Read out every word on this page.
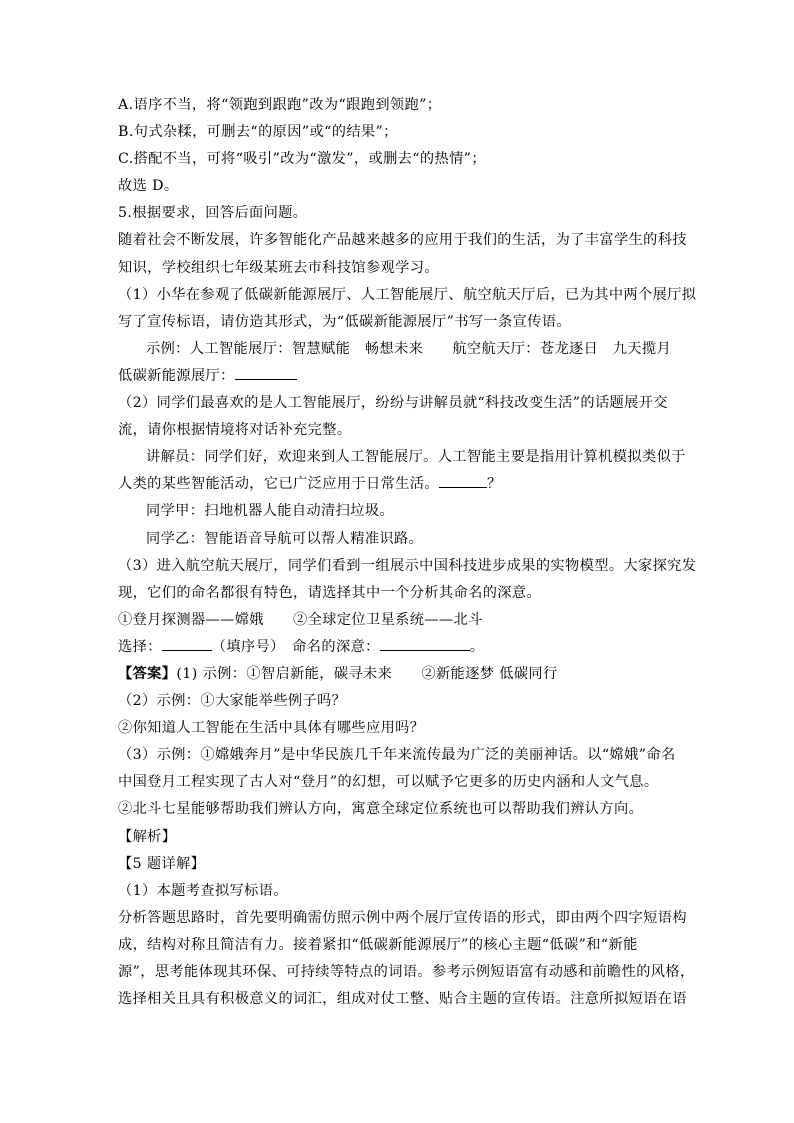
A.语序不当，将“领跑到跟跑”改为“跟跑到领跑”；
B.句式杂糅，可删去“的原因”或“的结果”；
C.搭配不当，可将“吸引”改为“激发”，或删去“的热情”；
故选 D。
5.根据要求，回答后面问题。
随着社会不断发展，许多智能化产品越来越多的应用于我们的生活，为了丰富学生的科技
知识，学校组织七年级某班去市科技馆参观学习。
（1）小华在参观了低碳新能源展厅、人工智能展厅、航空航天厅后，已为其中两个展厅拟
写了宣传标语，请仿造其形式，为“低碳新能源展厅”书写一条宣传语。
示例：人工智能展厅：智慧赋能　畅想未来　　航空航天厅：苍龙逐日　九天揽月
低碳新能源展厅：
（2）同学们最喜欢的是人工智能展厅，纷纷与讲解员就“科技改变生活”的话题展开交
流，请你根据情境将对话补充完整。
讲解员：同学们好，欢迎来到人工智能展厅。人工智能主要是指用计算机模拟类似于
人类的某些智能活动，它已广泛应用于日常生活。	？
同学甲：扫地机器人能自动清扫垃圾。
同学乙：智能语音导航可以帮人精准识路。
（3）进入航空航天展厅，同学们看到一组展示中国科技进步成果的实物模型。大家探究发
现，它们的命名都很有特色，请选择其中一个分析其命名的深意。
①登月探测器——嫦娥　　②全球定位卫星系统——北斗
选择：	（填序号）　命名的深意：	。
【答案】(1) 示例：①智启新能，碳寻未来　　②新能逐梦 低碳同行
（2）示例：①大家能举些例子吗？
②你知道人工智能在生活中具体有哪些应用吗？
（3）示例：①嫦娥奔月”是中华民族几千年来流传最为广泛的美丽神话。以“嫦娥”命名
中国登月工程实现了古人对“登月”的幻想，可以赋予它更多的历史内涵和人文气息。
②北斗七星能够帮助我们辨认方向，寓意全球定位系统也可以帮助我们辨认方向。
【解析】
【5 题详解】
（1）本题考查拟写标语。
分析答题思路时，首先要明确需仿照示例中两个展厅宣传语的形式，即由两个四字短语构
成，结构对称且简洁有力。接着紧扣“低碳新能源展厅”的核心主题“低碳”和“新能
源”，思考能体现其环保、可持续等特点的词语。参考示例短语富有动感和前瞻性的风格，
选择相关且具有积极意义的词汇，组成对仗工整、贴合主题的宣传语。注意所拟短语在语
